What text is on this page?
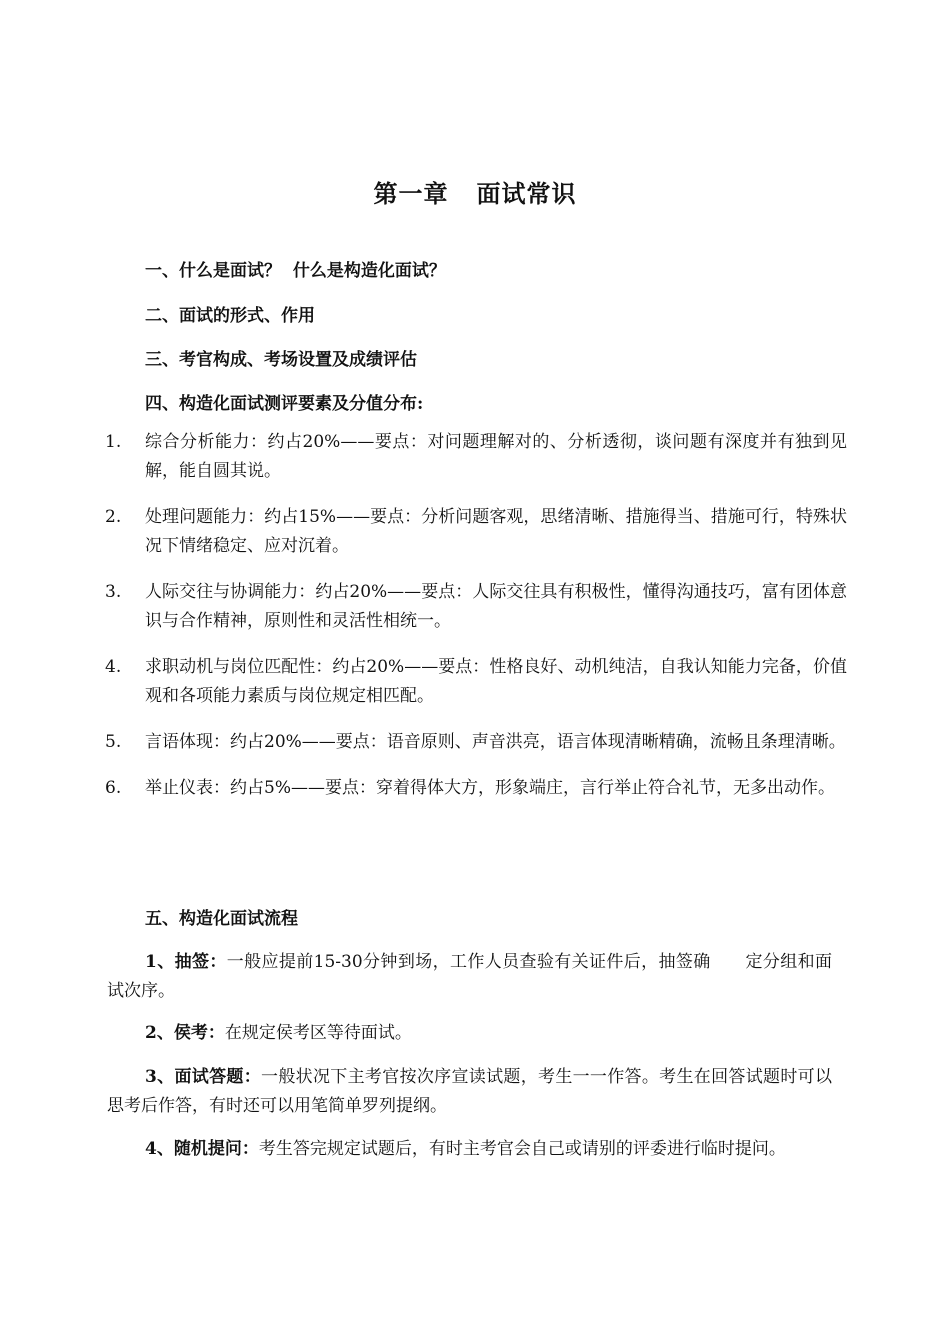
第一章   面试常识
一、什么是面试？  什么是构造化面试？
二、面试的形式、作用
三、考官构成、考场设置及成绩评估
四、构造化面试测评要素及分值分布:
1. 综合分析能力：约占20%——要点：对问题理解对的、分析透彻，谈问题有深度并有独到见解，能自圆其说。
2. 处理问题能力：约占15%——要点：分析问题客观，思绪清晰、措施得当、措施可行，特殊状况下情绪稳定、应对沉着。
3. 人际交往与协调能力：约占20%——要点：人际交往具有积极性，懂得沟通技巧，富有团体意识与合作精神，原则性和灵活性相统一。
4. 求职动机与岗位匹配性：约占20%——要点：性格良好、动机纯洁，自我认知能力完备，价值观和各项能力素质与岗位规定相匹配。
5. 言语体现：约占20%——要点：语音原则、声音洪亮，语言体现清晰精确，流畅且条理清晰。
6. 举止仪表：约占5%——要点：穿着得体大方，形象端庄，言行举止符合礼节，无多出动作。
五、构造化面试流程
1、抽签：一般应提前15-30分钟到场，工作人员查验有关证件后，抽签确　　定分组和面试次序。
2、侯考：在规定侯考区等待面试。
3、面试答题：一般状况下主考官按次序宣读试题，考生一一作答。考生在回答试题时可以思考后作答，有时还可以用笔简单罗列提纲。
4、随机提问：考生答完规定试题后，有时主考官会自己或请别的评委进行临时提问。
